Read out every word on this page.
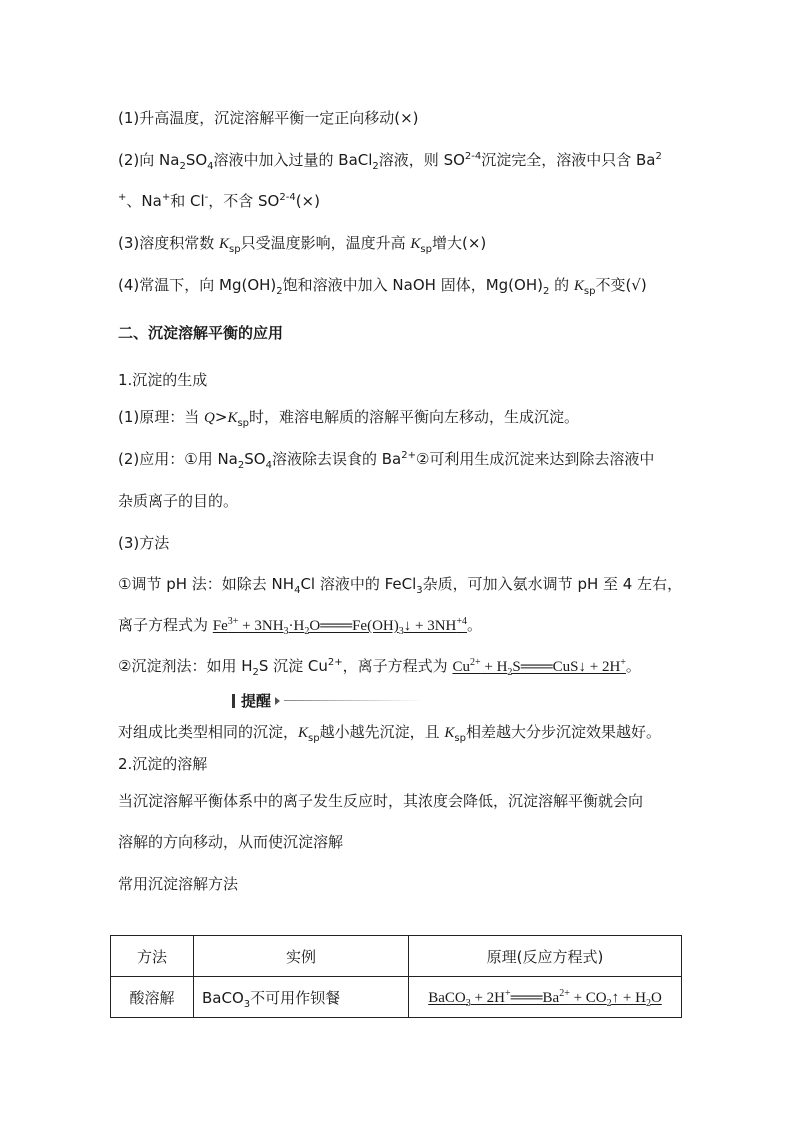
(1)升高温度，沉淀溶解平衡一定正向移动(×)
(2)向 $Na_2SO_4$溶液中加入过量的 BaCl$_2$溶液，则 SO$^{2-4}$沉淀完全，溶液中只含 Ba$^2$
+、Na+和 Cl-，不含 $SO^{2-4}(\times)$
(3)溶度积常数 $K_{sp}$只受温度影响，温度升高 $K_{sp}$增大(×)
(4)常温下，向 $Mg(OH)_2$饱和溶液中加入 NaOH 固体，$Mg(OH)_2$ 的 $K_{sp}$不变(√)
二、沉淀溶解平衡的应用
1.沉淀的生成
(1)原理：当 $Q>K_{sp}$时，难溶电解质的溶解平衡向左移动，生成沉淀。
(2)应用：①用 $Na_2SO_4$溶液除去误食的 $Ba^{2+}②$可利用生成沉淀来达到除去溶液中
杂质离子的目的。
(3)方法
①调节 pH 法：如除去 $NH_4Cl$ 溶液中的 FeCl$_3$杂质，可加入氨水调节 pH 至 4 左右，
离子方程式为 $Fe^{3+}$ + $3NH_3\cdot H_2O═══Fe(OH)_3↓ + 3NH^{+4}$。
②沉淀剂法：如用 $H_2S$ 沉淀 $Cu^{2+}$，离子方程式为 $Cu^{2+}$ + $H_2S═══CuS↓ + 2H^+$。
提醒
对组成比类型相同的沉淀，$K_{sp}$越小越先沉淀，且 $K_{sp}$相差越大分步沉淀效果越好。
2.沉淀的溶解
当沉淀溶解平衡体系中的离子发生反应时，其浓度会降低，沉淀溶解平衡就会向
溶解的方向移动，从而使沉淀溶解
常用沉淀溶解方法
方法	实例	原理(反应方程式)
酸溶解	BaCO$_3$不可用作钡餐	BaCO$_3$ + $2H^+═══Ba^{2+}$ + $CO_2↑ + H_2O$
